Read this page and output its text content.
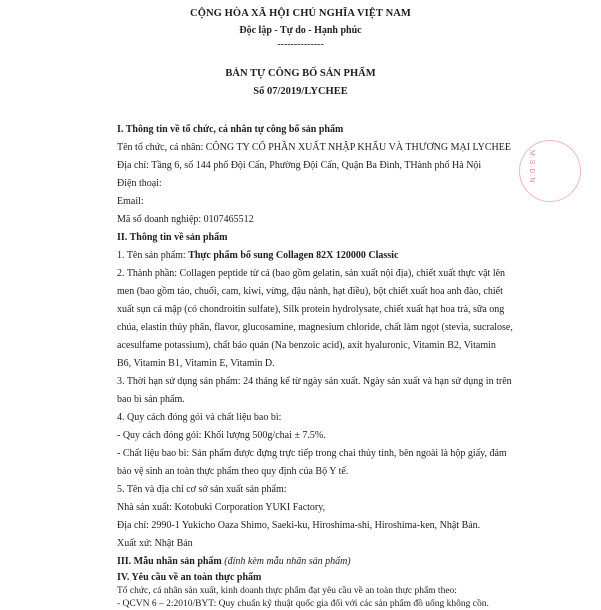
CỘNG HÒA XÃ HỘI CHỦ NGHĨA VIỆT NAM
Độc lập - Tự do - Hạnh phúc
--------------
BẢN TỰ CÔNG BỐ SẢN PHẨM
Số 07/2019/LYCHEE
M.S.D.N
I. Thông tin về tổ chức, cá nhân tự công bố sản phẩm
Tên tổ chức, cá nhân: CÔNG TY CỔ PHẦN XUẤT NHẬP KHẨU VÀ THƯƠNG MẠI LYCHEE
Địa chỉ: Tầng 6, số 144 phố Đội Cấn, Phường Đội Cấn, Quận Ba Đình, THành phố Hà Nội
Điện thoại:
Email:
Mã số doanh nghiệp: 0107465512
II. Thông tin về sản phẩm
1. Tên sản phẩm: Thực phẩm bổ sung Collagen 82X 120000 Classic
2. Thành phần: Collagen peptide từ cá (bao gồm gelatin, sản xuất nội địa), chiết xuất thực vật lên
men (bao gồm táo, chuối, cam, kiwi, vừng, đậu nành, hạt điều), bột chiết xuất hoa anh đào, chiết
xuất sụn cá mập (có chondroitin sulfate), Silk protein hydrolysate, chiết xuất hạt hoa trà, sữa ong
chúa, elastin thủy phân, flavor, glucosamine, magnesium chloride, chất làm ngọt (stevia, sucralose,
acesulfame potassium), chất bảo quản (Na benzoic acid), axit hyaluronic, Vitamin B2, Vitamin
B6, Vitamin B1, Vitamin E, Vitamin D.
3. Thời hạn sử dụng sản phẩm: 24 tháng kể từ ngày sản xuất. Ngày sản xuất và hạn sử dụng in trên
bao bì sản phẩm.
4. Quy cách đóng gói và chất liệu bao bì:
- Quy cách đóng gói: Khối lượng 500g/chai ± 7.5%.
- Chất liệu bao bì: Sản phẩm được đựng trực tiếp trong chai thủy tinh, bên ngoài là hộp giấy, đảm
bảo vệ sinh an toàn thực phẩm theo quy định của Bộ Y tế.
5. Tên và địa chỉ cơ sở sản xuất sản phẩm:
Nhà sản xuất: Kotobuki Corporation YUKI Factory,
Địa chỉ: 2990-1 Yukicho Oaza Shimo, Saeki-ku, Hiroshima-shi, Hiroshima-ken, Nhật Bản.
Xuất xứ: Nhật Bản
III. Mẫu nhãn sản phẩm (đính kèm mẫu nhãn sản phẩm)
IV. Yêu cầu về an toàn thực phẩm
Tổ chức, cá nhân sản xuất, kinh doanh thực phẩm đạt yêu cầu về an toàn thực phẩm theo:
- QCVN 6 – 2:2010/BYT: Quy chuẩn kỹ thuật quốc gia đối với các sản phẩm đồ uống không cồn.
